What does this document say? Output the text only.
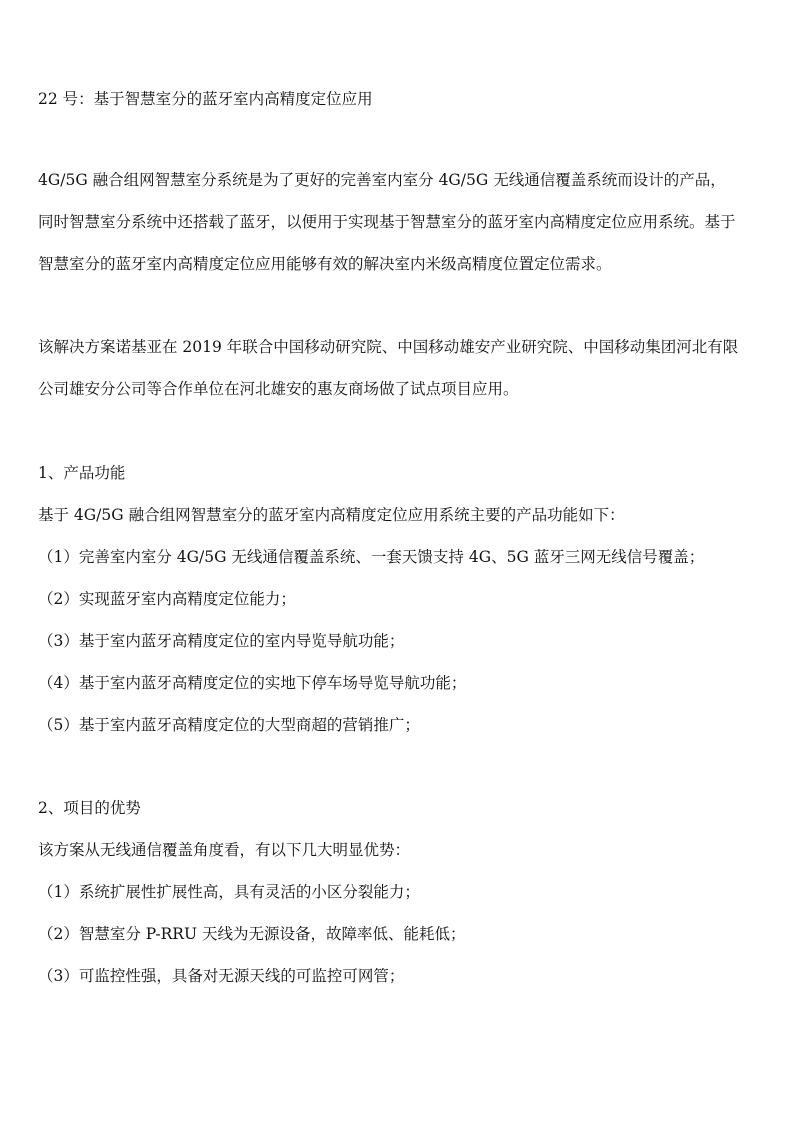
22 号：基于智慧室分的蓝牙室内高精度定位应用
4G/5G 融合组网智慧室分系统是为了更好的完善室内室分 4G/5G 无线通信覆盖系统而设计的产品，
同时智慧室分系统中还搭载了蓝牙，以便用于实现基于智慧室分的蓝牙室内高精度定位应用系统。基于
智慧室分的蓝牙室内高精度定位应用能够有效的解决室内米级高精度位置定位需求。
该解决方案诺基亚在 2019 年联合中国移动研究院、中国移动雄安产业研究院、中国移动集团河北有限
公司雄安分公司等合作单位在河北雄安的惠友商场做了试点项目应用。
1、产品功能
基于 4G/5G 融合组网智慧室分的蓝牙室内高精度定位应用系统主要的产品功能如下：
（1）完善室内室分 4G/5G 无线通信覆盖系统、一套天馈支持 4G、5G 蓝牙三网无线信号覆盖；
（2）实现蓝牙室内高精度定位能力；
（3）基于室内蓝牙高精度定位的室内导览导航功能；
（4）基于室内蓝牙高精度定位的实地下停车场导览导航功能；
（5）基于室内蓝牙高精度定位的大型商超的营销推广；
2、项目的优势
该方案从无线通信覆盖角度看，有以下几大明显优势：
（1）系统扩展性扩展性高，具有灵活的小区分裂能力；
（2）智慧室分 P-RRU 天线为无源设备，故障率低、能耗低；
（3）可监控性强，具备对无源天线的可监控可网管；
